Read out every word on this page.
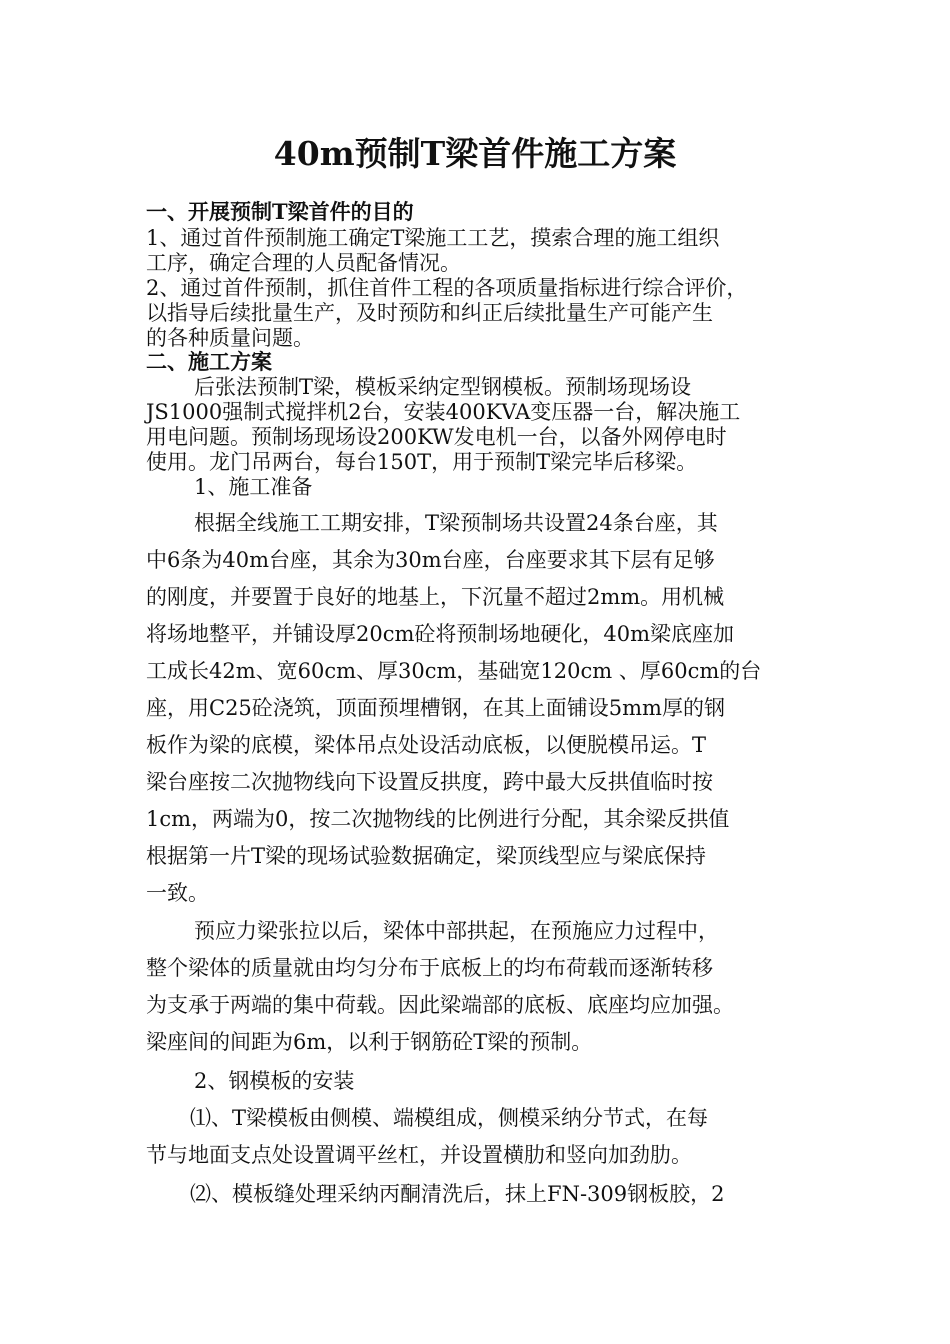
40m预制T梁首件施工方案
一、开展预制T梁首件的目的
1、通过首件预制施工确定T梁施工工艺，摸索合理的施工组织
工序，确定合理的人员配备情况。
2、通过首件预制，抓住首件工程的各项质量指标进行综合评价，
以指导后续批量生产，及时预防和纠正后续批量生产可能产生
的各种质量问题。
二、施工方案
后张法预制T梁，模板采纳定型钢模板。预制场现场设
JS1000强制式搅拌机2台，安装400KVA变压器一台，解决施工
用电问题。预制场现场设200KW发电机一台，以备外网停电时
使用。龙门吊两台，每台150T，用于预制T梁完毕后移梁。
1、施工准备
根据全线施工工期安排，T梁预制场共设置24条台座，其
中6条为40m台座，其余为30m台座，台座要求其下层有足够
的刚度，并要置于良好的地基上，下沉量不超过2mm。用机械
将场地整平，并铺设厚20cm砼将预制场地硬化，40m梁底座加
工成长42m、宽60cm、厚30cm，基础宽120cm 、厚60cm的台
座，用C25砼浇筑，顶面预埋槽钢，在其上面铺设5mm厚的钢
板作为梁的底模，梁体吊点处设活动底板，以便脱模吊运。T
梁台座按二次抛物线向下设置反拱度，跨中最大反拱值临时按
1cm，两端为0，按二次抛物线的比例进行分配，其余梁反拱值
根据第一片T梁的现场试验数据确定，梁顶线型应与梁底保持
一致。
预应力梁张拉以后，梁体中部拱起，在预施应力过程中，
整个梁体的质量就由均匀分布于底板上的均布荷载而逐渐转移
为支承于两端的集中荷载。因此梁端部的底板、底座均应加强。
梁座间的间距为6m，以利于钢筋砼T梁的预制。
2、钢模板的安装
⑴、T梁模板由侧模、端模组成，侧模采纳分节式，在每
节与地面支点处设置调平丝杠，并设置横肋和竖向加劲肋。
⑵、模板缝处理采纳丙酮清洗后，抹上FN-309钢板胶，2
